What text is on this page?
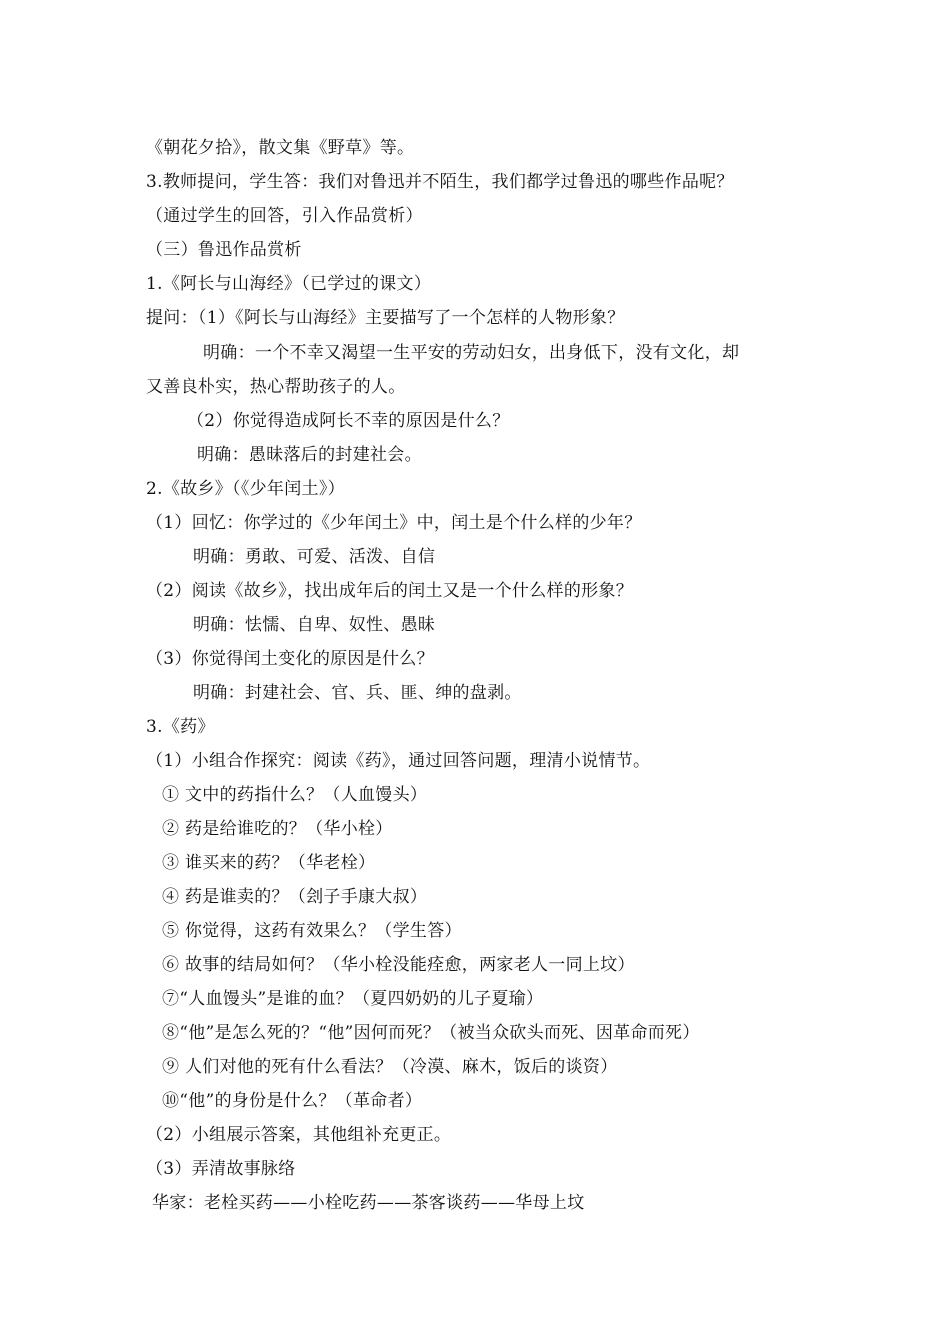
《朝花夕拾》，散文集《野草》等。
3.教师提问，学生答：我们对鲁迅并不陌生，我们都学过鲁迅的哪些作品呢？
（通过学生的回答，引入作品赏析）
（三）鲁迅作品赏析
1.《阿长与山海经》（已学过的课文）
提问：（1）《阿长与山海经》主要描写了一个怎样的人物形象？
明确：一个不幸又渴望一生平安的劳动妇女，出身低下，没有文化，却
又善良朴实，热心帮助孩子的人。
（2）你觉得造成阿长不幸的原因是什么？
明确：愚昧落后的封建社会。
2.《故乡》（《少年闰土》）
（1）回忆：你学过的《少年闰土》中，闰土是个什么样的少年？
明确：勇敢、可爱、活泼、自信
（2）阅读《故乡》，找出成年后的闰土又是一个什么样的形象？
明确：怯懦、自卑、奴性、愚昧
（3）你觉得闰土变化的原因是什么？
明确：封建社会、官、兵、匪、绅的盘剥。
3.《药》
（1）小组合作探究：阅读《药》，通过回答问题，理清小说情节。
① 文中的药指什么？（人血馒头）
② 药是给谁吃的？（华小栓）
③ 谁买来的药？（华老栓）
④ 药是谁卖的？（刽子手康大叔）
⑤ 你觉得，这药有效果么？（学生答）
⑥ 故事的结局如何？（华小栓没能痊愈，两家老人一同上坟）
⑦“人血馒头”是谁的血？（夏四奶奶的儿子夏瑜）
⑧“他”是怎么死的？“他”因何而死？（被当众砍头而死、因革命而死）
⑨ 人们对他的死有什么看法？（冷漠、麻木，饭后的谈资）
⑩“他”的身份是什么？（革命者）
（2）小组展示答案，其他组补充更正。
（3）弄清故事脉络
华家：老栓买药——小栓吃药——茶客谈药——华母上坟
